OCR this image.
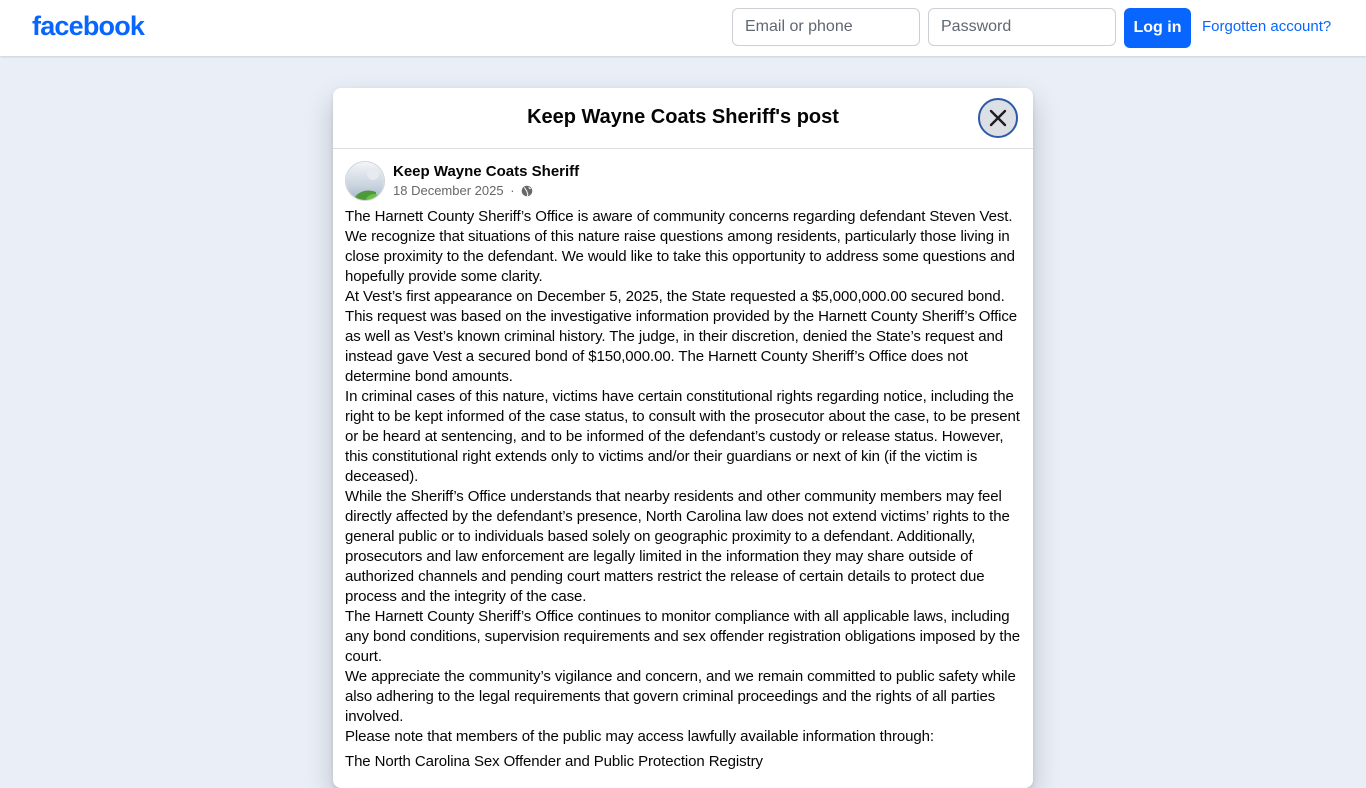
facebook
Email or phone	Log in	Forgotten account?
Keep Wayne Coats Sheriff's post
Keep Wayne Coats Sheriff
18 December 2025 ·

The Harnett County Sheriff’s Office is aware of community concerns regarding defendant Steven Vest. We recognize that situations of this nature raise questions among residents, particularly those living in close proximity to the defendant. We would like to take this opportunity to address some questions and hopefully provide some clarity.

At Vest’s first appearance on December 5, 2025, the State requested a $5,000,000.00 secured bond. This request was based on the investigative information provided by the Harnett County Sheriff’s Office as well as Vest’s known criminal history. The judge, in their discretion, denied the State’s request and instead gave Vest a secured bond of $150,000.00. The Harnett County Sheriff’s Office does not determine bond amounts.

In criminal cases of this nature, victims have certain constitutional rights regarding notice, including the right to be kept informed of the case status, to consult with the prosecutor about the case, to be present or be heard at sentencing, and to be informed of the defendant’s custody or release status. However, this constitutional right extends only to victims and/or their guardians or next of kin (if the victim is deceased).

While the Sheriff’s Office understands that nearby residents and other community members may feel directly affected by the defendant’s presence, North Carolina law does not extend victims’ rights to the general public or to individuals based solely on geographic proximity to a defendant. Additionally, prosecutors and law enforcement are legally limited in the information they may share outside of authorized channels and pending court matters restrict the release of certain details to protect due process and the integrity of the case.

The Harnett County Sheriff’s Office continues to monitor compliance with all applicable laws, including any bond conditions, supervision requirements and sex offender registration obligations imposed by the court.

We appreciate the community’s vigilance and concern, and we remain committed to public safety while also adhering to the legal requirements that govern criminal proceedings and the rights of all parties involved.

Please note that members of the public may access lawfully available information through:

The North Carolina Sex Offender and Public Protection Registry
